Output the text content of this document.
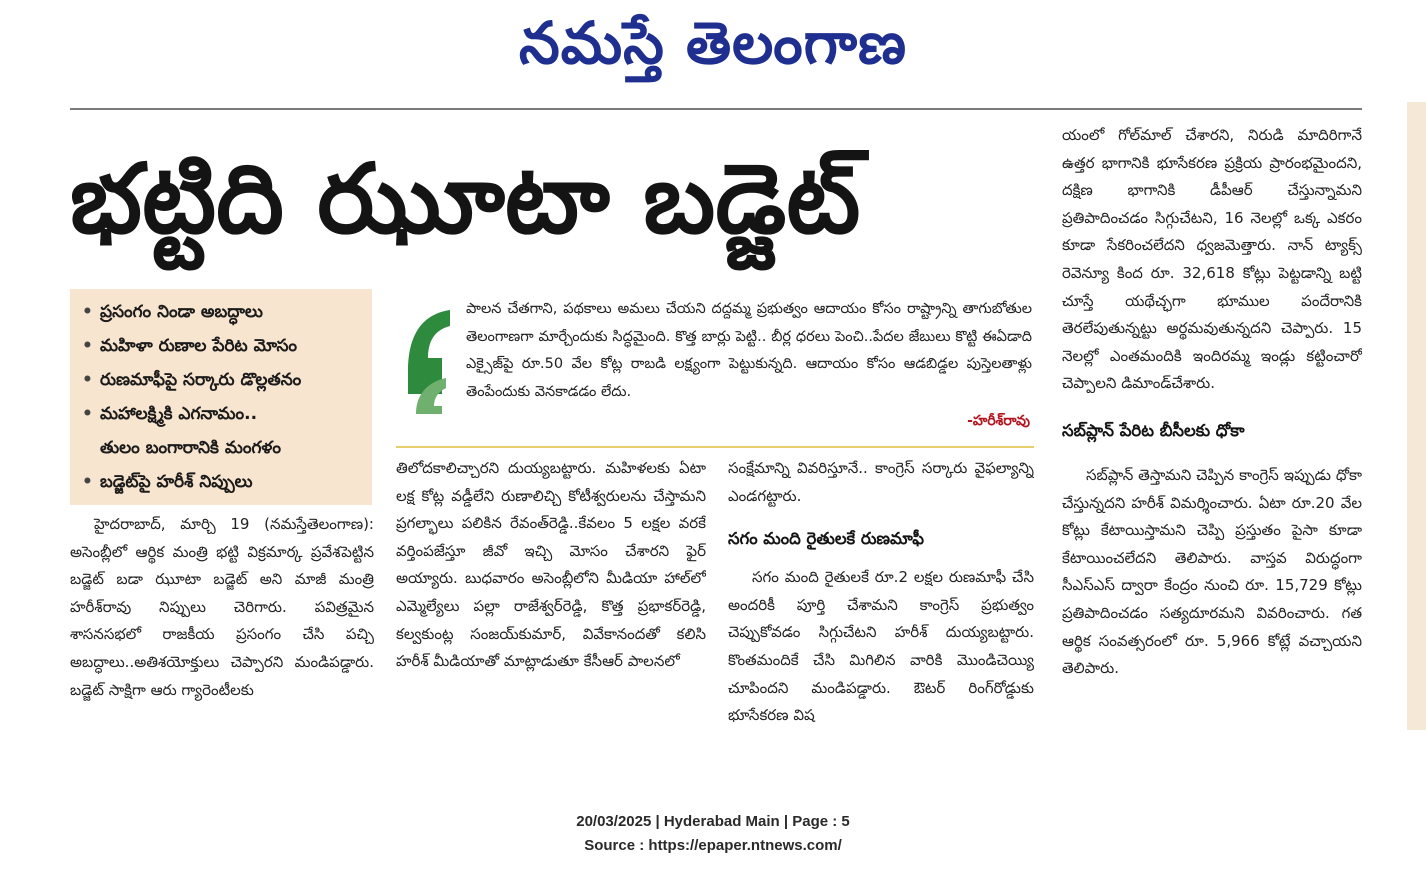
నమస్తే తెలంగాణ
భట్టిది ఝూటా బడ్జెట్
• ప్రసంగం నిండా అబద్ధాలు
• మహిళా రుణాల పేరిట మోసం
• రుణమాఫీపై సర్కారు డొల్లతనం
• మహాలక్ష్మికి ఎగనామం..
తులం బంగారానికి మంగళం
• బడ్జెట్‌పై హరీశ్ నిప్పులు
పాలన చేతగాని, పథకాలు అమలు చేయని దద్దమ్మ ప్రభుత్వం ఆదాయం కోసం రాష్ట్రాన్ని తాగుబోతుల తెలంగాణగా మార్చేందుకు సిద్ధమైంది. కొత్త బార్లు పెట్టి.. బీర్ల ధరలు పెంచి..పేదల జేబులు కొట్టి ఈఏడాది ఎక్సైజ్‌పై రూ.50 వేల కోట్ల రాబడి లక్ష్యంగా పెట్టుకున్నది. ఆదాయం కోసం ఆడబిడ్డల పుస్తెలతాళ్లు తెంపేందుకు వెనకాడడం లేదు.
-హరీశ్‌రావు

హైదరాబాద్, మార్చి 19 (నమస్తేతెలంగాణ): అసెంబ్లీలో ఆర్థిక మంత్రి భట్టి విక్రమార్క ప్రవేశపెట్టిన బడ్జెట్ బడా ఝూటా బడ్జెట్ అని మాజీ మంత్రి హరీశ్‌రావు నిప్పులు చెరిగారు. పవిత్రమైన శాసనసభలో రాజకీయ ప్రసంగం చేసి పచ్చి అబద్ధాలు..అతిశయోక్తులు చెప్పారని మండిపడ్డారు. బడ్జెట్ సాక్షిగా ఆరు గ్యారెంటీలకు

తిలోదకాలిచ్చారని దుయ్యబట్టారు. మహిళలకు ఏటా లక్ష కోట్ల వడ్డీలేని రుణాలిచ్చి కోటీశ్వరులను చేస్తామని ప్రగల్భాలు పలికిన రేవంత్‌రెడ్డి..కేవలం 5 లక్షల వరకే వర్తింపజేస్తూ జీవో ఇచ్చి మోసం చేశారని ఫైర్ అయ్యారు. బుధవారం అసెంబ్లీలోని మీడియా హాల్‌లో ఎమ్మెల్యేలు పల్లా రాజేశ్వర్‌రెడ్డి, కొత్త ప్రభాకర్‌రెడ్డి, కల్వకుంట్ల సంజయ్‌కుమార్, వివేకానందతో కలిసి హరీశ్ మీడియాతో మాట్లాడుతూ కేసీఆర్ పాలనలో

సంక్షేమాన్ని వివరిస్తూనే.. కాంగ్రెస్ సర్కారు వైఫల్యాన్ని ఎండగట్టారు.

సగం మంది రైతులకే రుణమాఫీ

సగం మంది రైతులకే రూ.2 లక్షల రుణమాఫీ చేసి అందరికీ పూర్తి చేశామని కాంగ్రెస్ ప్రభుత్వం చెప్పుకోవడం సిగ్గుచేటని హరీశ్ దుయ్యబట్టారు. కొంతమందికే చేసి మిగిలిన వారికి మొండిచెయ్యి చూపిందని మండిపడ్డారు. ఔటర్ రింగ్‌రోడ్డుకు భూసేకరణ విష

యంలో గోల్‌మాల్ చేశారని, నిరుడి మాదిరిగానే ఉత్తర భాగానికి భూసేకరణ ప్రక్రియ ప్రారంభమైందని, దక్షిణ భాగానికి డీపీఆర్ చేస్తున్నామని ప్రతిపాదించడం సిగ్గుచేటని, 16 నెలల్లో ఒక్క ఎకరం కూడా సేకరించలేదని ధ్వజమెత్తారు. నాన్ ట్యాక్స్ రెవెన్యూ కింద రూ. 32,618 కోట్లు పెట్టడాన్ని బట్టి చూస్తే యథేచ్ఛగా భూముల పందేరానికి తెరలేపుతున్నట్టు అర్థమవుతున్నదని చెప్పారు. 15 నెలల్లో ఎంతమందికి ఇందిరమ్మ ఇండ్లు కట్టించారో చెప్పాలని డిమాండ్‌చేశారు.

సబ్‌ప్లాన్ పేరిట బీసీలకు ధోకా

సబ్‌ప్లాన్ తెస్తామని చెప్పిన కాంగ్రెస్ ఇప్పుడు ధోకా చేస్తున్నదని హరీశ్ విమర్శించారు. ఏటా రూ.20 వేల కోట్లు కేటాయిస్తామని చెప్పి ప్రస్తుతం పైసా కూడా కేటాయించలేదని తెలిపారు. వాస్తవ విరుద్ధంగా సీఎస్‌ఎస్ ద్వారా కేంద్రం నుంచి రూ. 15,729 కోట్లు ప్రతిపాదించడం సత్యదూరమని వివరించారు. గత ఆర్థిక సంవత్సరంలో రూ. 5,966 కోట్లే వచ్చాయని తెలిపారు.

20/03/2025 | Hyderabad Main | Page : 5
Source : https://epaper.ntnews.com/
